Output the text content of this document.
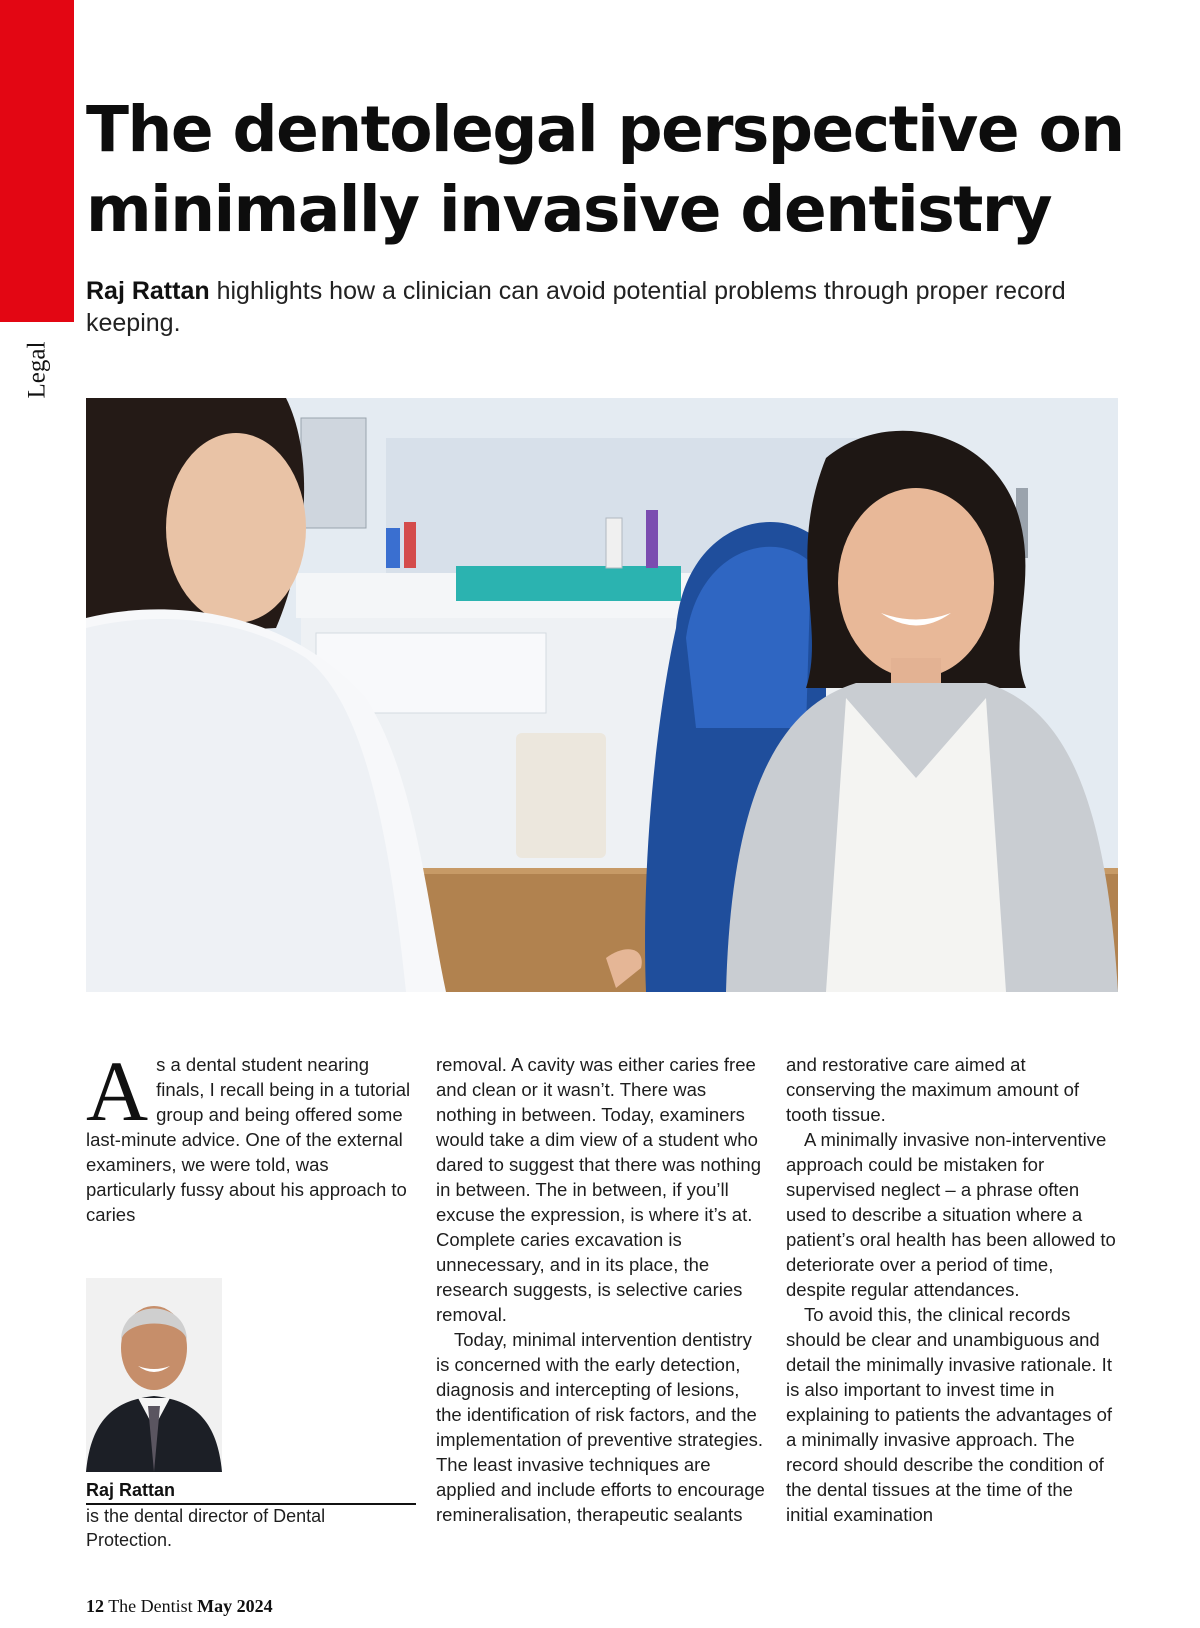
Legal
The dentolegal perspective on minimally invasive dentistry

Raj Rattan highlights how a clinician can avoid potential problems through proper record keeping.

A s a dental student nearing finals, I recall being in a tutorial group and being offered some last-minute advice. One of the external examiners, we were told, was particularly fussy about his approach to caries

removal. A cavity was either caries free and clean or it wasn’t. There was nothing in between. Today, examiners would take a dim view of a student who dared to suggest that there was nothing in between. The in between, if you’ll excuse the expression, is where it’s at. Complete caries excavation is unnecessary, and in its place, the research suggests, is selective caries removal.

Today, minimal intervention dentistry is concerned with the early detection, diagnosis and intercepting of lesions, the identification of risk factors, and the implementation of preventive strategies. The least invasive techniques are applied and include efforts to encourage remineralisation, therapeutic sealants

and restorative care aimed at conserving the maximum amount of tooth tissue.

A minimally invasive non-interventive approach could be mistaken for supervised neglect – a phrase often used to describe a situation where a patient’s oral health has been allowed to deteriorate over a period of time, despite regular attendances.

To avoid this, the clinical records should be clear and unambiguous and detail the minimally invasive rationale. It is also important to invest time in explaining to patients the advantages of a minimally invasive approach. The record should describe the condition of the dental tissues at the time of the initial examination

Raj Rattan

is the dental director of Dental Protection.

12 The Dentist May 2024
